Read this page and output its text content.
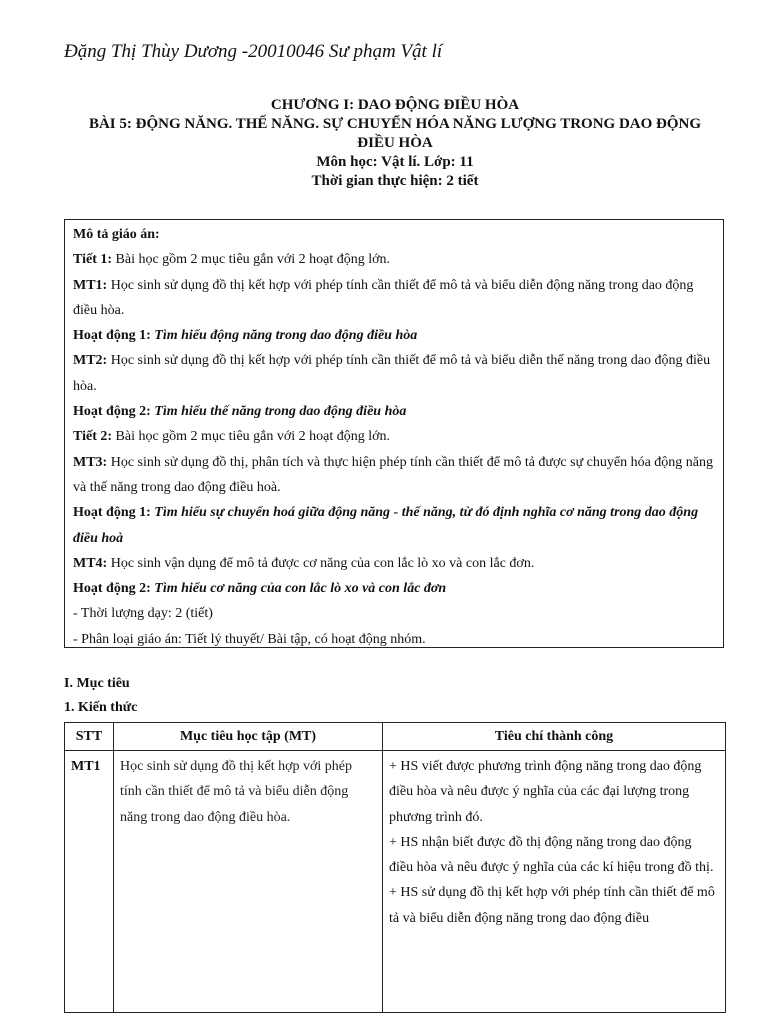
Đặng Thị Thùy Dương -20010046 Sư phạm Vật lí
CHƯƠNG I: DAO ĐỘNG ĐIỀU HÒA
BÀI 5: ĐỘNG NĂNG. THẾ NĂNG. SỰ CHUYỂN HÓA NĂNG LƯỢNG TRONG DAO ĐỘNG
ĐIỀU HÒA
Môn học: Vật lí. Lớp: 11
Thời gian thực hiện: 2 tiết

Mô tả giáo án:

Tiết 1: Bài học gồm 2 mục tiêu gắn với 2 hoạt động lớn.

MT1: Học sinh sử dụng đồ thị kết hợp với phép tính cần thiết để mô tả và biểu diễn động năng trong dao động điều hòa.

Hoạt động 1: Tìm hiểu động năng trong dao động điều hòa

MT2: Học sinh sử dụng đồ thị kết hợp với phép tính cần thiết để mô tả và biểu diễn thế năng trong dao động điều hòa.

Hoạt động 2: Tìm hiểu thế năng trong dao động điều hòa

Tiết 2: Bài học gồm 2 mục tiêu gắn với 2 hoạt động lớn.

MT3: Học sinh sử dụng đồ thị, phân tích và thực hiện phép tính cần thiết để mô tả được sự chuyển hóa động năng và thế năng trong dao động điều hoà.

Hoạt động 1: Tìm hiểu sự chuyển hoá giữa động năng - thế năng, từ đó định nghĩa cơ năng trong dao động điều hoà

MT4: Học sinh vận dụng để mô tả được cơ năng của con lắc lò xo và con lắc đơn.

Hoạt động 2: Tìm hiểu cơ năng của con lắc lò xo và con lắc đơn

- Thời lượng dạy: 2 (tiết)

- Phân loại giáo án: Tiết lý thuyết/ Bài tập, có hoạt động nhóm.

I. Mục tiêu
1. Kiến thức
STT	Mục tiêu học tập (MT)	Tiêu chí thành công
MT1	Học sinh sử dụng đồ thị kết hợp với phép tính cần thiết để mô tả và biểu diễn động năng trong dao động điều hòa.	+ HS viết được phương trình động năng trong dao động điều hòa và nêu được ý nghĩa của các đại lượng trong phương trình đó.
+ HS nhận biết được đồ thị động năng trong dao động điều hòa và nêu được ý nghĩa của các kí hiệu trong đồ thị.
+ HS sử dụng đồ thị kết hợp với phép tính cần thiết để mô tả và biểu diễn động năng trong dao động điều
